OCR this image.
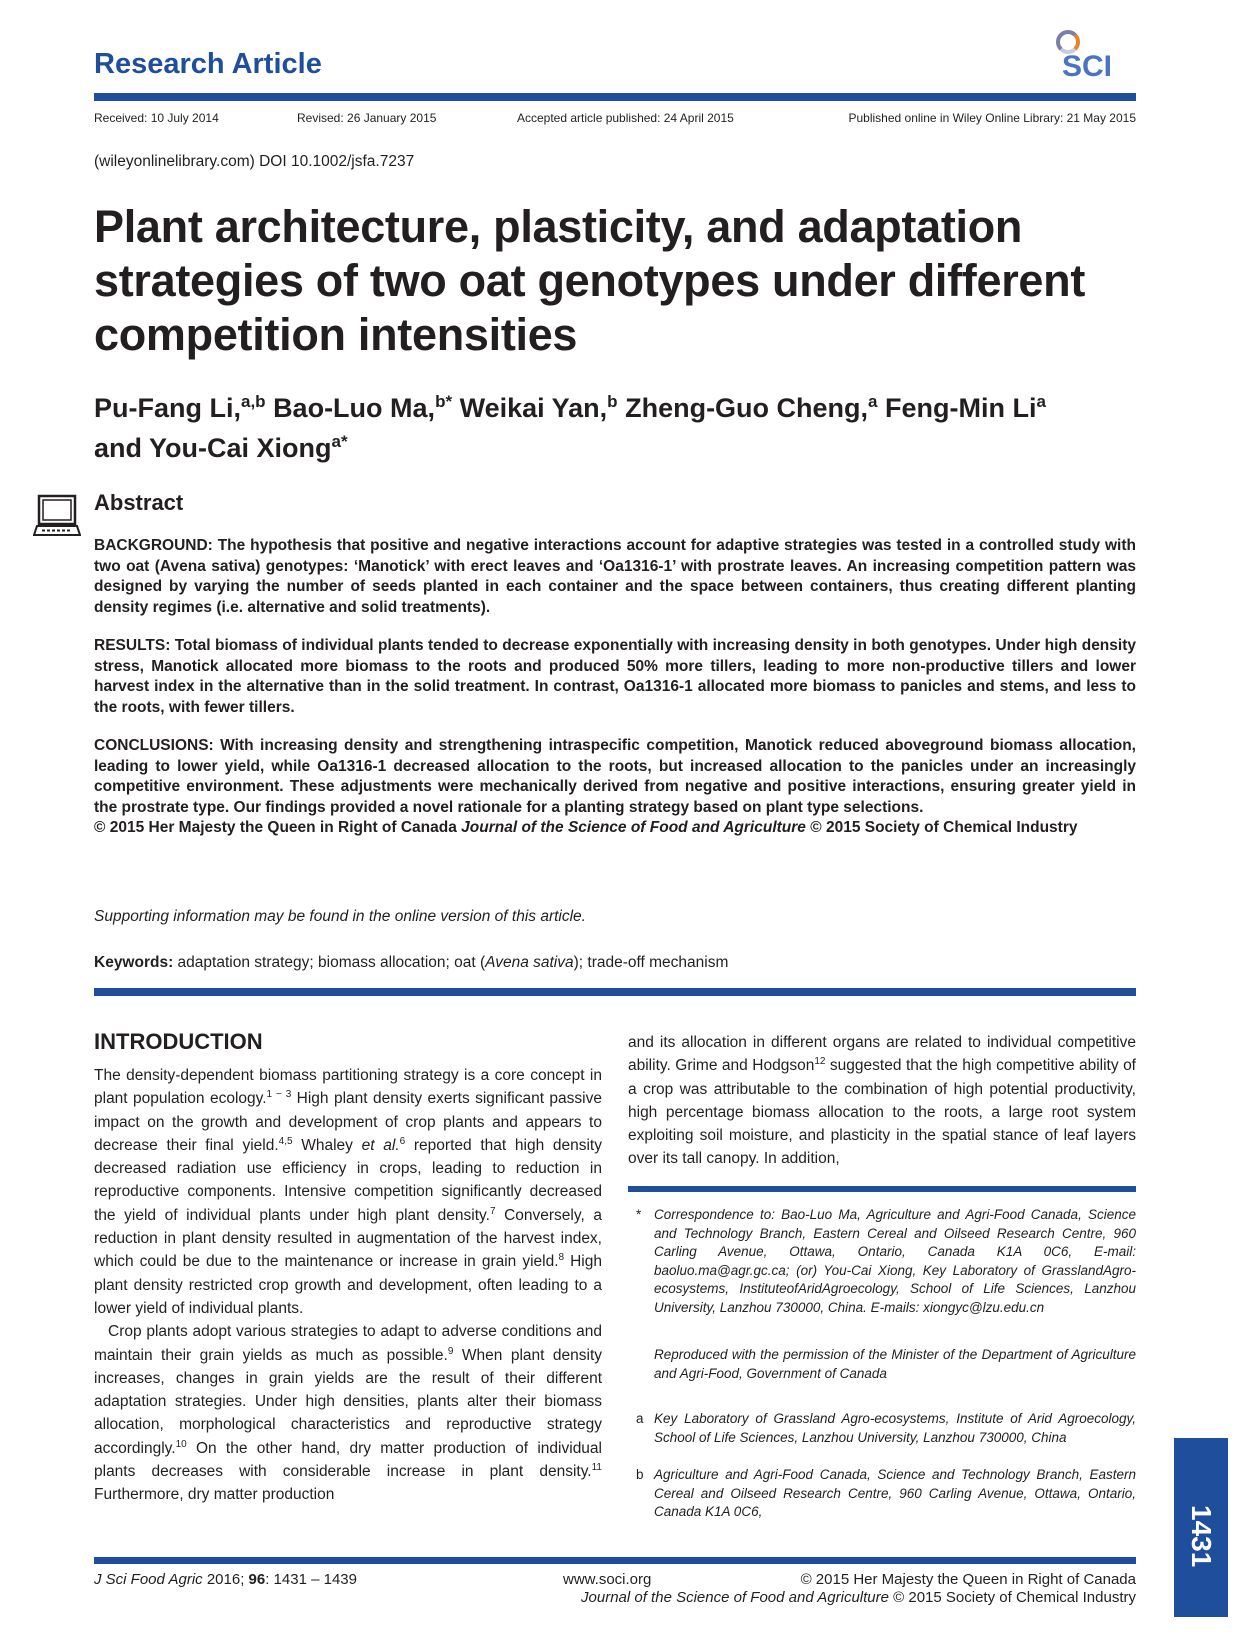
Research Article	SCI
Received: 10 July 2014	Revised: 26 January 2015	Accepted article published: 24 April 2015	Published online in Wiley Online Library: 21 May 2015
(wileyonlinelibrary.com) DOI 10.1002/jsfa.7237
Plant architecture, plasticity, and adaptation strategies of two oat genotypes under different competition intensities
Pu-Fang Li,$^{a,b}$ Bao-Luo Ma,$^{b*}$ Weikai Yan,$^b$ Zheng-Guo Cheng,$^a$ Feng-Min Li$^a$
and You-Cai Xiong$^{a*}$
Abstract

BACKGROUND: The hypothesis that positive and negative interactions account for adaptive strategies was tested in a controlled study with two oat (Avena sativa) genotypes: ‘Manotick’ with erect leaves and ‘Oa1316-1’ with prostrate leaves. An increasing competition pattern was designed by varying the number of seeds planted in each container and the space between containers, thus creating different planting density regimes (i.e. alternative and solid treatments).

RESULTS: Total biomass of individual plants tended to decrease exponentially with increasing density in both genotypes. Under high density stress, Manotick allocated more biomass to the roots and produced 50% more tillers, leading to more non-productive tillers and lower harvest index in the alternative than in the solid treatment. In contrast, Oa1316-1 allocated more biomass to panicles and stems, and less to the roots, with fewer tillers.

CONCLUSIONS: With increasing density and strengthening intraspecific competition, Manotick reduced aboveground biomass allocation, leading to lower yield, while Oa1316-1 decreased allocation to the roots, but increased allocation to the panicles under an increasingly competitive environment. These adjustments were mechanically derived from negative and positive interactions, ensuring greater yield in the prostrate type. Our findings provided a novel rationale for a planting strategy based on plant type selections.

© 2015 Her Majesty the Queen in Right of Canada Journal of the Science of Food and Agriculture © 2015 Society of Chemical Industry

Supporting information may be found in the online version of this article.
Keywords: adaptation strategy; biomass allocation; oat (Avena sativa); trade-off mechanism
INTRODUCTION

The density-dependent biomass partitioning strategy is a core concept in plant population ecology.$^{1 - 3}$ High plant density exerts significant passive impact on the growth and development of crop plants and appears to decrease their final yield.$^{4,5}$ Whaley et al.$^6$ reported that high density decreased radiation use efficiency in crops, leading to reduction in reproductive components. Intensive competition significantly decreased the yield of individual plants under high plant density.$^7$ Conversely, a reduction in plant density resulted in augmentation of the harvest index, which could be due to the maintenance or increase in grain yield.$^8$ High plant density restricted crop growth and development, often leading to a lower yield of individual plants.

Crop plants adopt various strategies to adapt to adverse conditions and maintain their grain yields as much as possible.$^9$ When plant density increases, changes in grain yields are the result of their different adaptation strategies. Under high densities, plants alter their biomass allocation, morphological characteristics and reproductive strategy accordingly.$^{10}$ On the other hand, dry matter production of individual plants decreases with considerable increase in plant density.$^{11}$ Furthermore, dry matter production

and its allocation in different organs are related to individual competitive ability. Grime and Hodgson$^{12}$ suggested that the high competitive ability of a crop was attributable to the combination of high potential productivity, high percentage biomass allocation to the roots, a large root system exploiting soil moisture, and plasticity in the spatial stance of leaf layers over its tall canopy. In addition,

* Correspondence to: Bao-Luo Ma, Agriculture and Agri-Food Canada, Science and Technology Branch, Eastern Cereal and Oilseed Research Centre, 960 Carling Avenue, Ottawa, Ontario, Canada K1A 0C6, E-mail: baoluo.ma@agr.gc.ca; (or) You-Cai Xiong, Key Laboratory of GrasslandAgro-ecosystems, InstituteofAridAgroecology, School of Life Sciences, Lanzhou University, Lanzhou 730000, China. E-mails: xiongyc@lzu.edu.cn
Reproduced with the permission of the Minister of the Department of Agriculture and Agri-Food, Government of Canada
a Key Laboratory of Grassland Agro-ecosystems, Institute of Arid Agroecology, School of Life Sciences, Lanzhou University, Lanzhou 730000, China
b Agriculture and Agri-Food Canada, Science and Technology Branch, Eastern Cereal and Oilseed Research Centre, 960 Carling Avenue, Ottawa, Ontario, Canada K1A 0C6,	1431
J Sci Food Agric 2016; 96: 1431 – 1439	www.soci.org	© 2015 Her Majesty the Queen in Right of Canada
Journal of the Science of Food and Agriculture © 2015 Society of Chemical Industry
